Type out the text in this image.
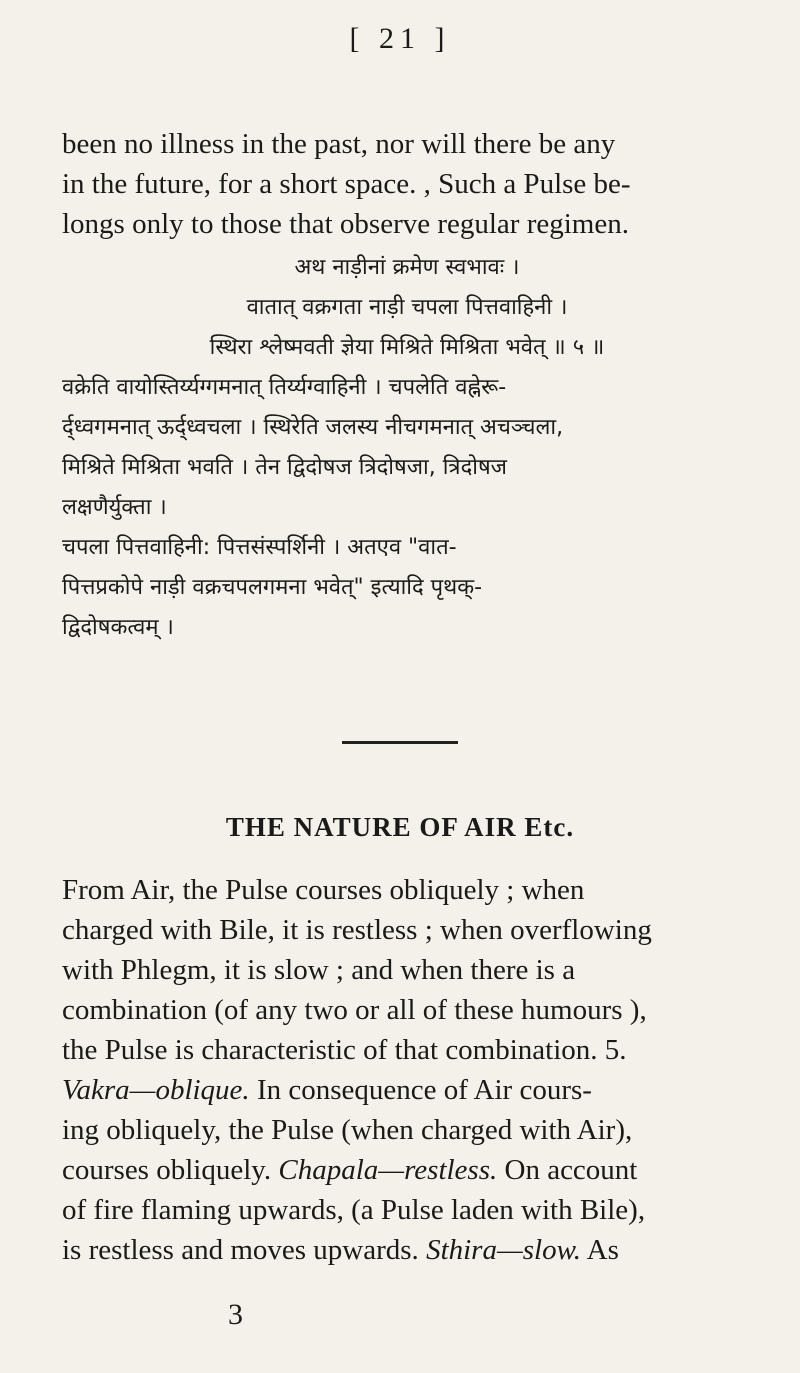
[ 21 ]
been no illness in the past, nor will there be any
in the future, for a short space. , Such a Pulse be-
longs only to those that observe regular regimen.
अथ नाड़ीनां क्रमेण स्वभावः ।
वातात् वक्रगता नाड़ी चपला पित्तवाहिनी ।
स्थिरा श्लेष्मवती ज्ञेया मिश्रिते मिश्रिता भवेत् ॥ ५ ॥
वक्रेति वायोस्तिर्य्यग्गमनात् तिर्य्यग्वाहिनी । चपलेति वह्नेरू-
र्द्ध्वगमनात् ऊर्द्ध्वचला । स्थिरेति जलस्य नीचगमनात् अचञ्चला,
मिश्रिते मिश्रिता भवति । तेन द्विदोषज त्रिदोषजा, त्रिदोषज
लक्षणैर्युक्ता ।
चपला पित्तवाहिनी: पित्तसंस्पर्शिनी । अतएव "वात-
पित्तप्रकोपे नाड़ी वक्रचपलगमना भवेत्" इत्यादि पृथक्-
द्विदोषकत्वम् ।
THE NATURE OF AIR Etc.
From Air, the Pulse courses obliquely ; when
charged with Bile, it is restless ; when overflowing
with Phlegm, it is slow ; and when there is a
combination (of any two or all of these humours ),
the Pulse is characteristic of that combination. 5.
Vakra—oblique. In consequence of Air cours-
ing obliquely, the Pulse (when charged with Air),
courses obliquely. Chapala—restless. On account
of fire flaming upwards, (a Pulse laden with Bile),
is restless and moves upwards. Sthira—slow. As
3
